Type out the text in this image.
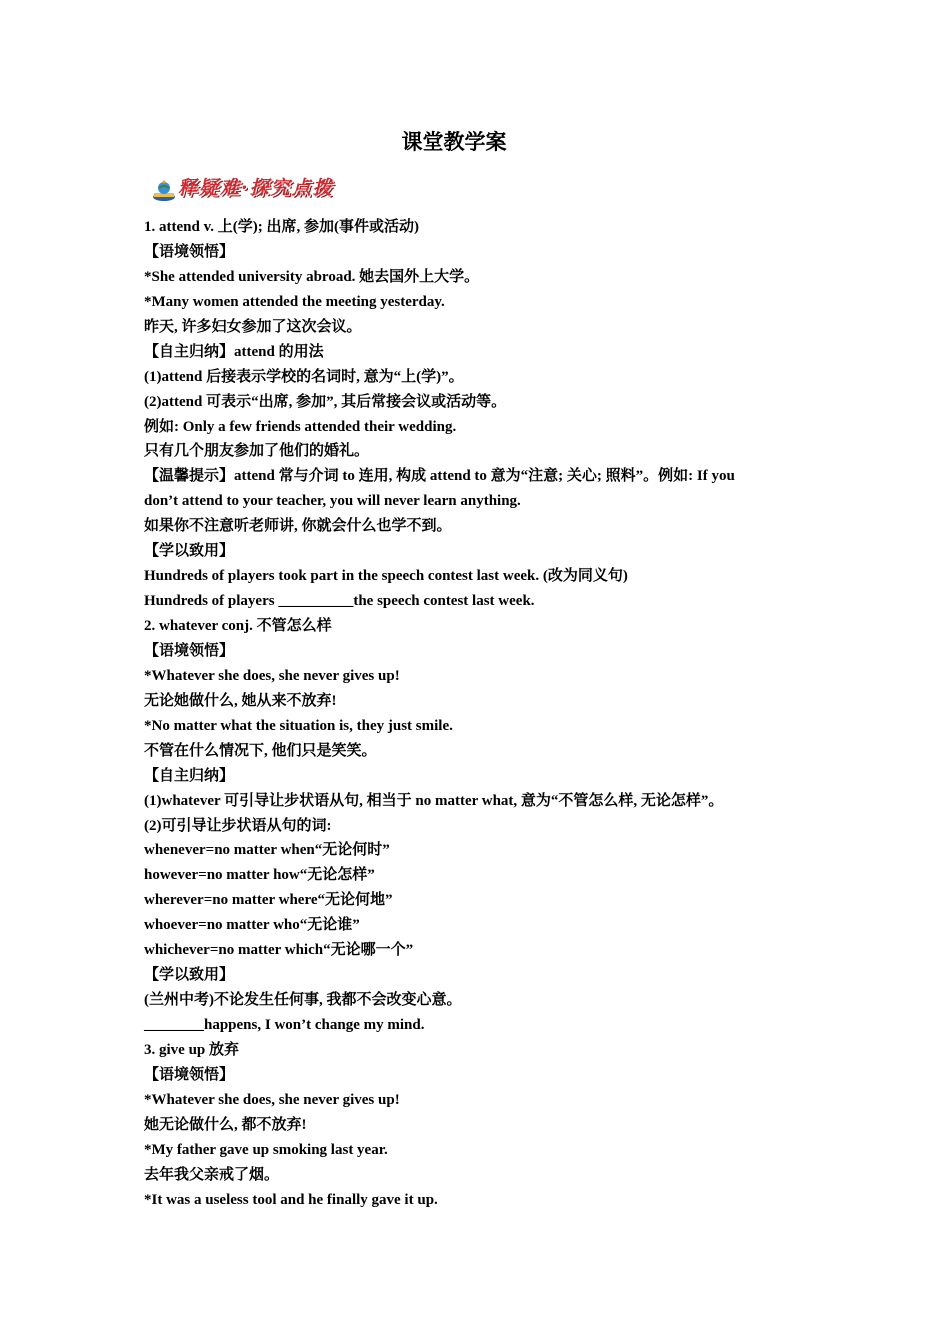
课堂教学案
释疑难·探究点拨
1. attend v. 上(学); 出席, 参加(事件或活动)
【语境领悟】
*She attended university abroad. 她去国外上大学。
*Many women attended the meeting yesterday.
昨天, 许多妇女参加了这次会议。
【自主归纳】attend 的用法
(1)attend 后接表示学校的名词时, 意为“上(学)”。
(2)attend 可表示“出席, 参加”, 其后常接会议或活动等。
例如: Only a few friends attended their wedding.
只有几个朋友参加了他们的婚礼。
【温馨提示】attend 常与介词 to 连用, 构成 attend to 意为“注意; 关心; 照料”。例如: If you
don’t attend to your teacher, you will never learn anything.
如果你不注意听老师讲, 你就会什么也学不到。
【学以致用】
Hundreds of players took part in the speech contest last week. (改为同义句)
Hundreds of players __________the speech contest last week.
2. whatever conj. 不管怎么样
【语境领悟】
*Whatever she does, she never gives up!
无论她做什么, 她从来不放弃!
*No matter what the situation is, they just smile.
不管在什么情况下, 他们只是笑笑。
【自主归纳】
(1)whatever 可引导让步状语从句, 相当于 no matter what, 意为“不管怎么样, 无论怎样”。
(2)可引导让步状语从句的词:
whenever=no matter when“无论何时”
however=no matter how“无论怎样”
wherever=no matter where“无论何地”
whoever=no matter who“无论谁”
whichever=no matter which“无论哪一个”
【学以致用】
(兰州中考)不论发生任何事, 我都不会改变心意。
________happens, I won’t change my mind.
3. give up 放弃
【语境领悟】
*Whatever she does, she never gives up!
她无论做什么, 都不放弃!
*My father gave up smoking last year.
去年我父亲戒了烟。
*It was a useless tool and he finally gave it up.
